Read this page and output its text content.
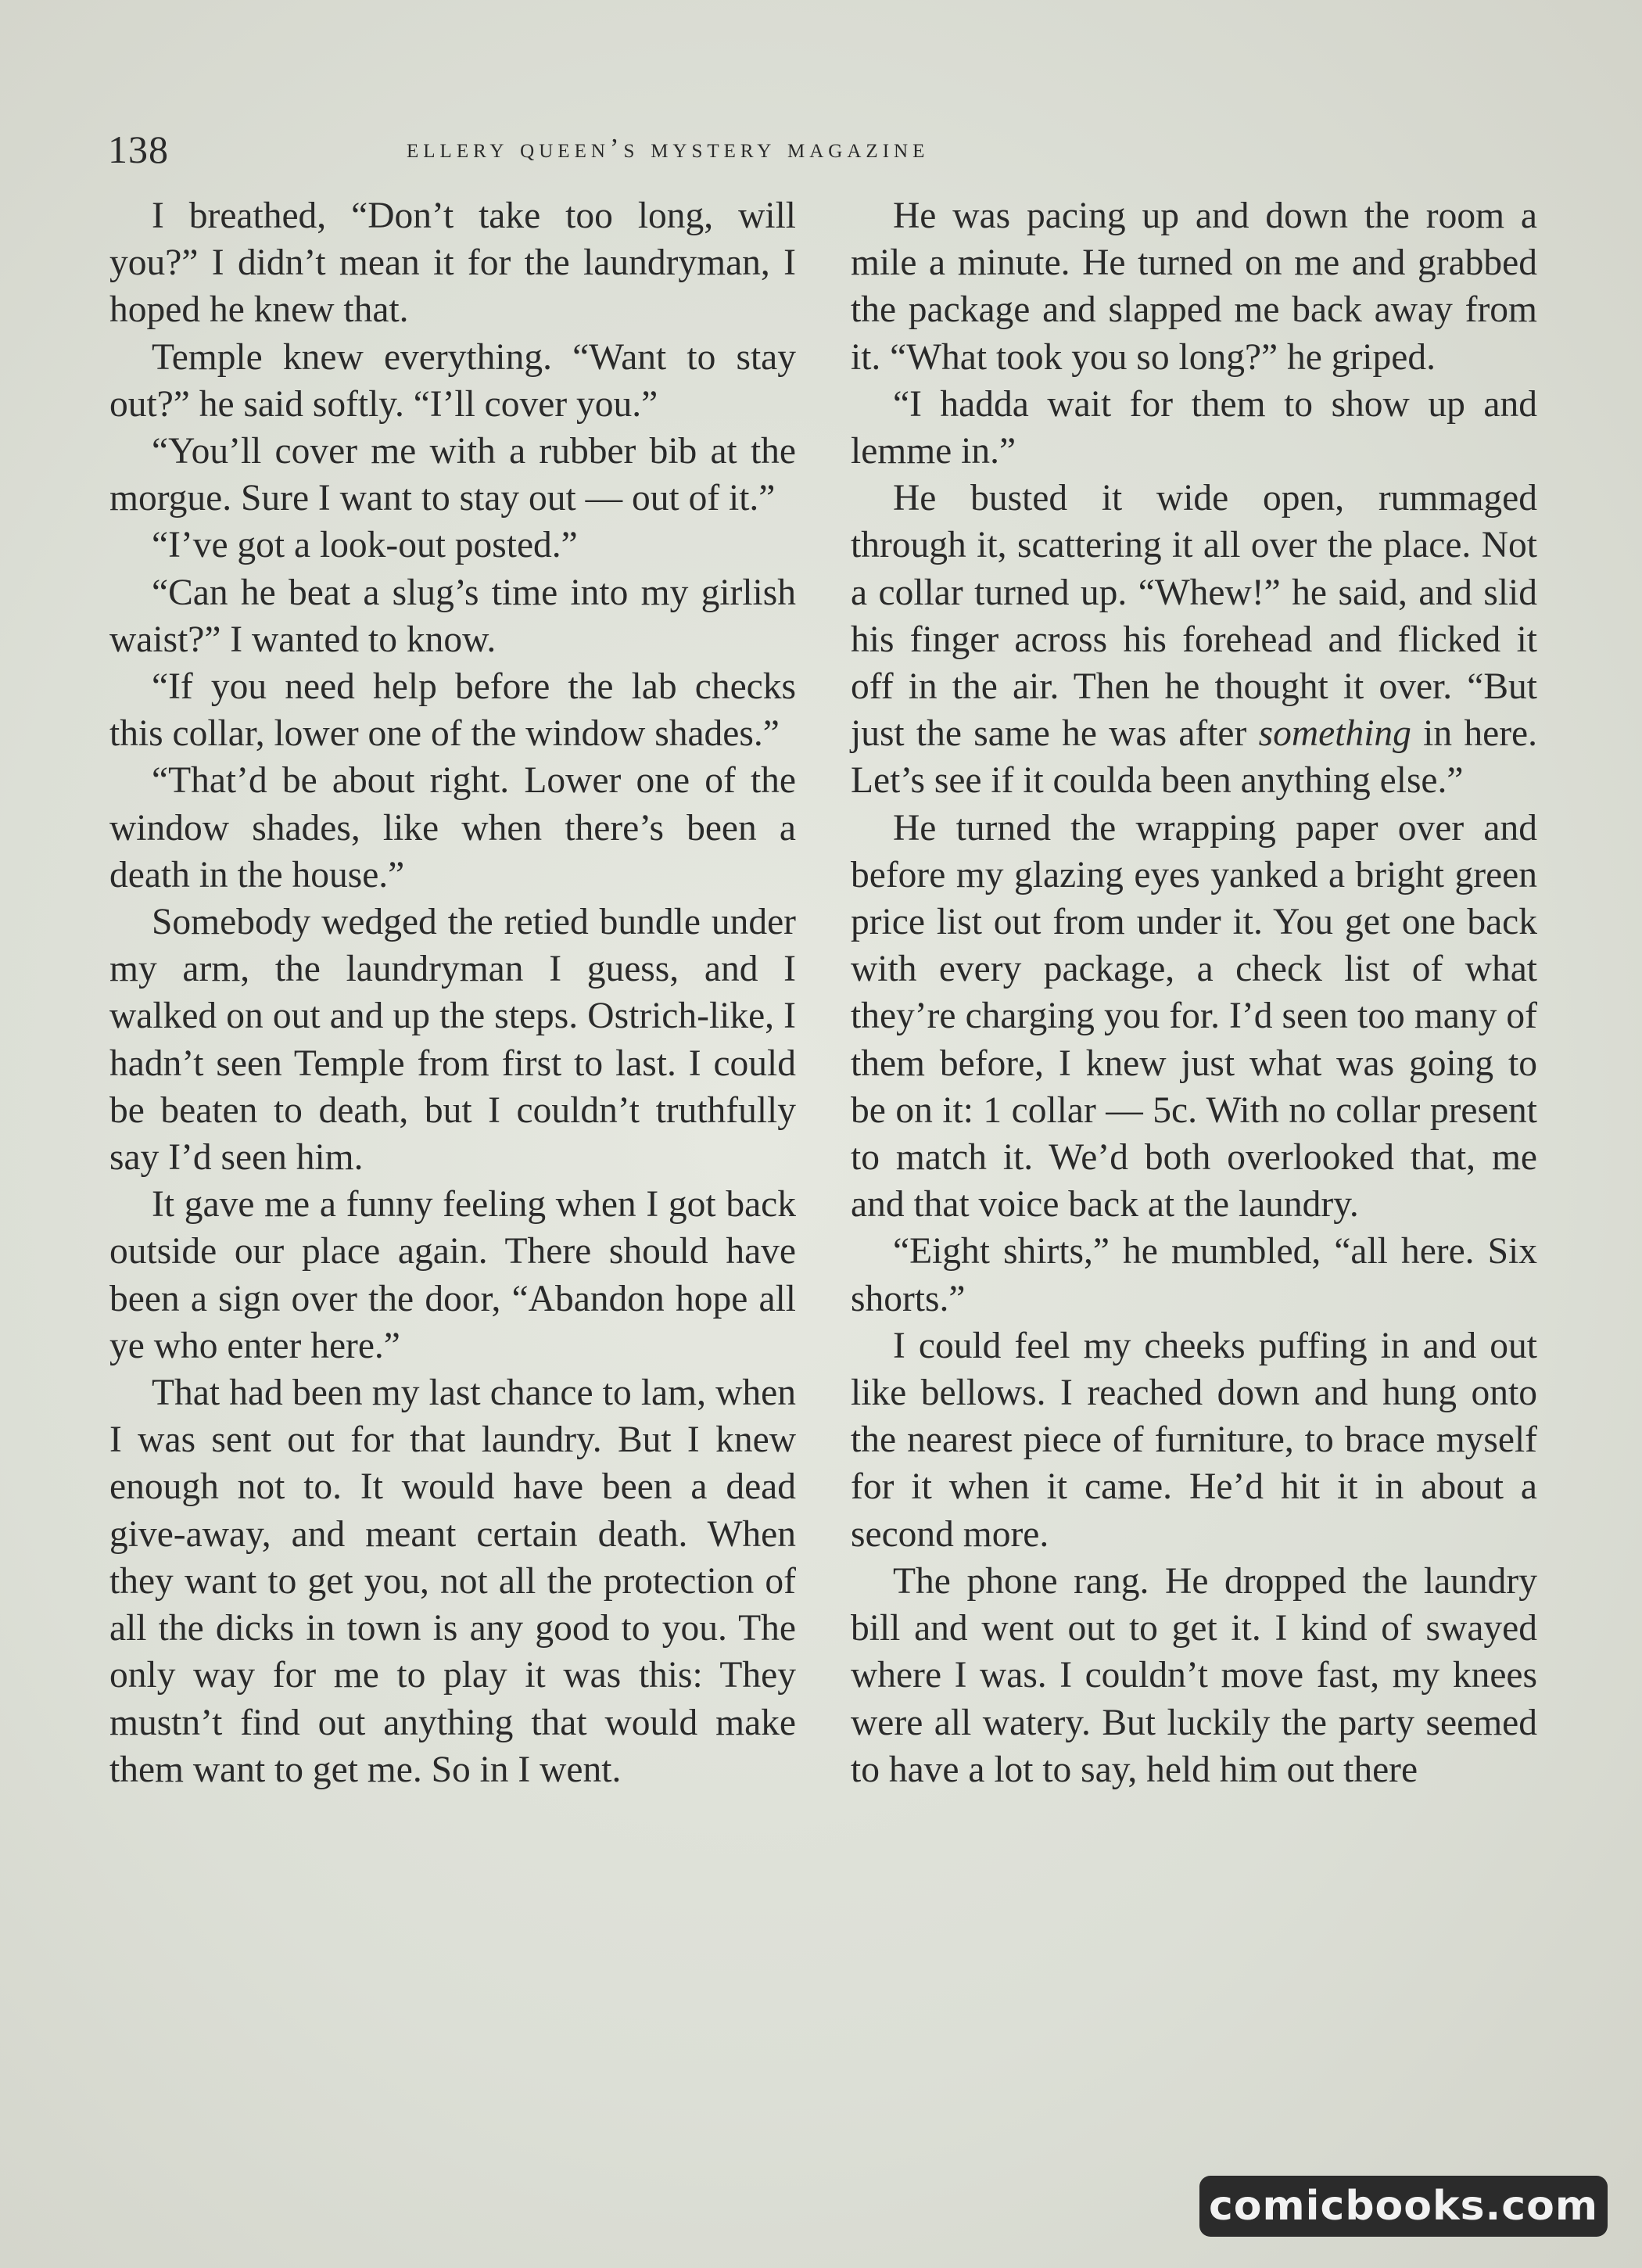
138	ellery queen’s mystery magazine

I breathed, “Don’t take too long, will you?” I didn’t mean it for the laundryman, I hoped he knew that.

Temple knew everything. “Want to stay out?” he said softly. “I’ll cover you.”

“You’ll cover me with a rubber bib at the morgue. Sure I want to stay out — out of it.”

“I’ve got a look-out posted.”

“Can he beat a slug’s time into my girlish waist?” I wanted to know.

“If you need help before the lab checks this collar, lower one of the window shades.”

“That’d be about right. Lower one of the window shades, like when there’s been a death in the house.”

Somebody wedged the retied bundle under my arm, the laundryman I guess, and I walked on out and up the steps. Ostrich-like, I hadn’t seen Temple from first to last. I could be beaten to death, but I couldn’t truthfully say I’d seen him.

It gave me a funny feeling when I got back outside our place again. There should have been a sign over the door, “Abandon hope all ye who enter here.”

That had been my last chance to lam, when I was sent out for that laundry. But I knew enough not to. It would have been a dead give-away, and meant certain death. When they want to get you, not all the protection of all the dicks in town is any good to you. The only way for me to play it was this: They mustn’t find out anything that would make them want to get me. So in I went.

He was pacing up and down the room a mile a minute. He turned on me and grabbed the package and slapped me back away from it. “What took you so long?” he griped.

“I hadda wait for them to show up and lemme in.”

He busted it wide open, rummaged through it, scattering it all over the place. Not a collar turned up. “Whew!” he said, and slid his finger across his forehead and flicked it off in the air. Then he thought it over. “But just the same he was after something in here. Let’s see if it coulda been anything else.”

He turned the wrapping paper over and before my glazing eyes yanked a bright green price list out from under it. You get one back with every package, a check list of what they’re charging you for. I’d seen too many of them before, I knew just what was going to be on it: 1 collar — 5c. With no collar present to match it. We’d both overlooked that, me and that voice back at the laundry.

“Eight shirts,” he mumbled, “all here. Six shorts.”

I could feel my cheeks puffing in and out like bellows. I reached down and hung onto the nearest piece of furniture, to brace myself for it when it came. He’d hit it in about a second more.

The phone rang. He dropped the laundry bill and went out to get it. I kind of swayed where I was. I couldn’t move fast, my knees were all watery. But luckily the party seemed to have a lot to say, held him out there

comicbooks.com
